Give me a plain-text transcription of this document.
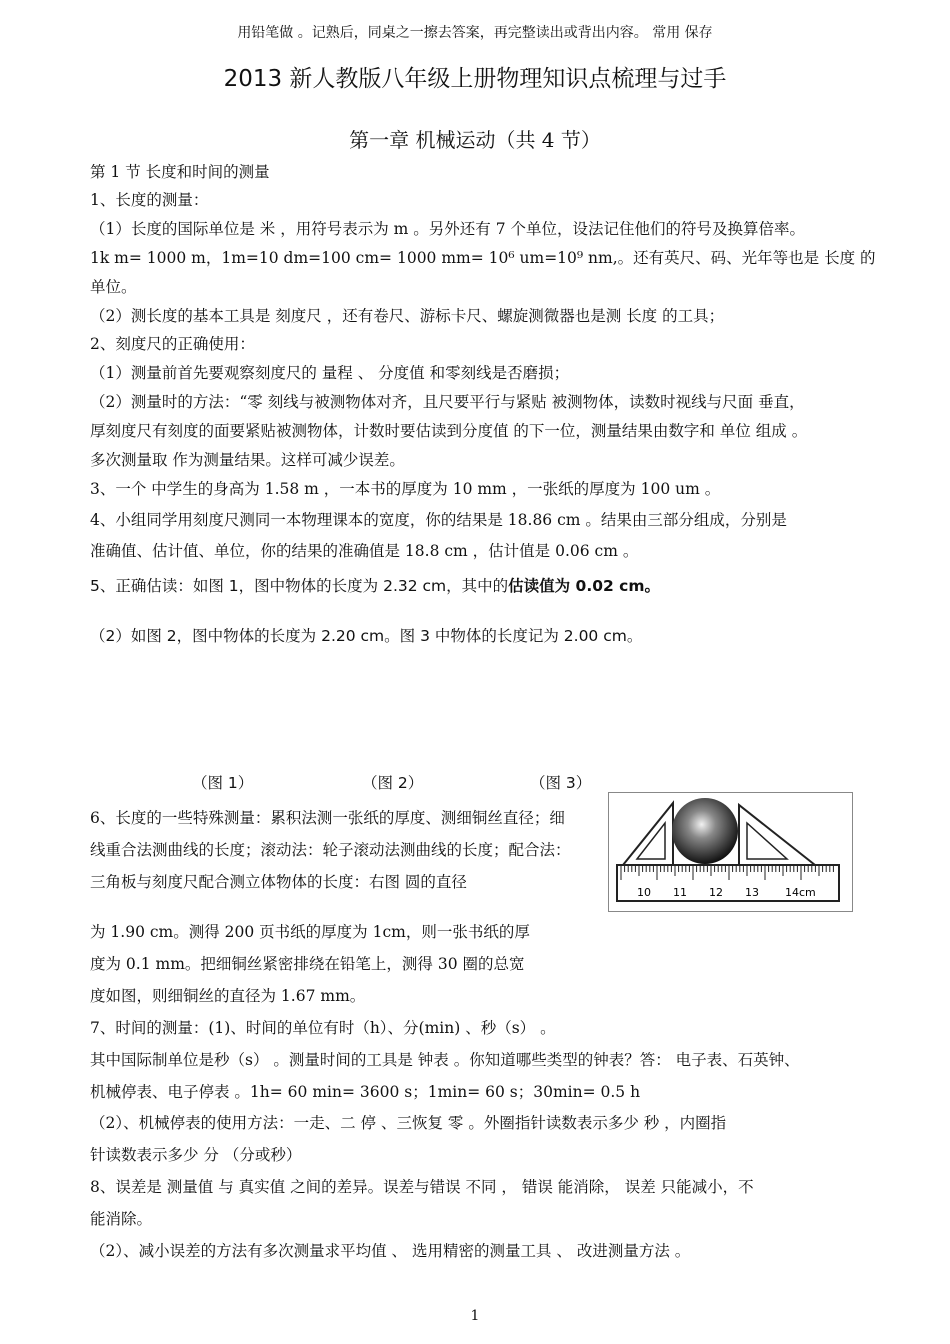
用铅笔做 。记熟后，同桌之一擦去答案，再完整读出或背出内容。 常用 保存
2013 新人教版八年级上册物理知识点梳理与过手
第一章 机械运动（共 4 节）
第 1 节 长度和时间的测量
1、长度的测量：
（1）长度的国际单位是 米 ，用符号表示为 m 。另外还有 7 个单位，设法记住他们的符号及换算倍率。
1k m= 1000 m，1m=10 dm=100 cm= 1000 mm= 10⁶ um=10⁹ nm,。还有英尺、码、光年等也是 长度 的
单位。
（2）测长度的基本工具是 刻度尺 ，还有卷尺、游标卡尺、螺旋测微器也是测 长度 的工具；
2、刻度尺的正确使用：
（1）测量前首先要观察刻度尺的 量程 、 分度值 和零刻线是否磨损；
（2）测量时的方法：“零 刻线与被测物体对齐，且尺要平行与紧贴 被测物体，读数时视线与尺面 垂直，
厚刻度尺有刻度的面要紧贴被测物体，计数时要估读到分度值 的下一位，测量结果由数字和 单位 组成 。
多次测量取 作为测量结果。这样可减少误差。
3、一个 中学生的身高为 1.58 m ，一本书的厚度为 10 mm ，一张纸的厚度为 100 um 。
4、小组同学用刻度尺测同一本物理课本的宽度，你的结果是 18.86 cm 。结果由三部分组成，分别是
准确值、估计值、单位，你的结果的准确值是 18.8 cm ，估计值是 0.06 cm 。
5、正确估读：如图 1，图中物体的长度为 2.32 cm，其中的估读值为 0.02 cm。
（2）如图 2，图中物体的长度为 2.20 cm。图 3 中物体的长度记为 2.00 cm。
（图 1）	（图 2）	（图 3）
6、长度的一些特殊测量：累积法测一张纸的厚度、测细铜丝直径；细
线重合法测曲线的长度；滚动法：轮子滚动法测曲线的长度；配合法：
三角板与刻度尺配合测立体物体的长度：右图 圆的直径
10 11 12 13 14cm
为 1.90 cm。测得 200 页书纸的厚度为 1cm，则一张书纸的厚
度为 0.1 mm。把细铜丝紧密排绕在铅笔上，测得 30 圈的总宽
度如图，则细铜丝的直径为 1.67 mm。
7、时间的测量：(1)、时间的单位有时（h）、分(min) 、秒（s） 。
其中国际制单位是秒（s） 。测量时间的工具是 钟表 。你知道哪些类型的钟表？答： 电子表、石英钟、
机械停表、电子停表 。1h= 60 min= 3600 s；1min= 60 s；30min= 0.5 h
（2）、机械停表的使用方法：一走、二 停 、三恢复 零 。外圈指针读数表示多少 秒 ，内圈指
针读数表示多少 分 （分或秒）
8、误差是 测量值 与 真实值 之间的差异。误差与错误 不同 ， 错误 能消除， 误差 只能减小，不
能消除。
（2）、减小误差的方法有多次测量求平均值 、 选用精密的测量工具 、 改进测量方法 。
1
